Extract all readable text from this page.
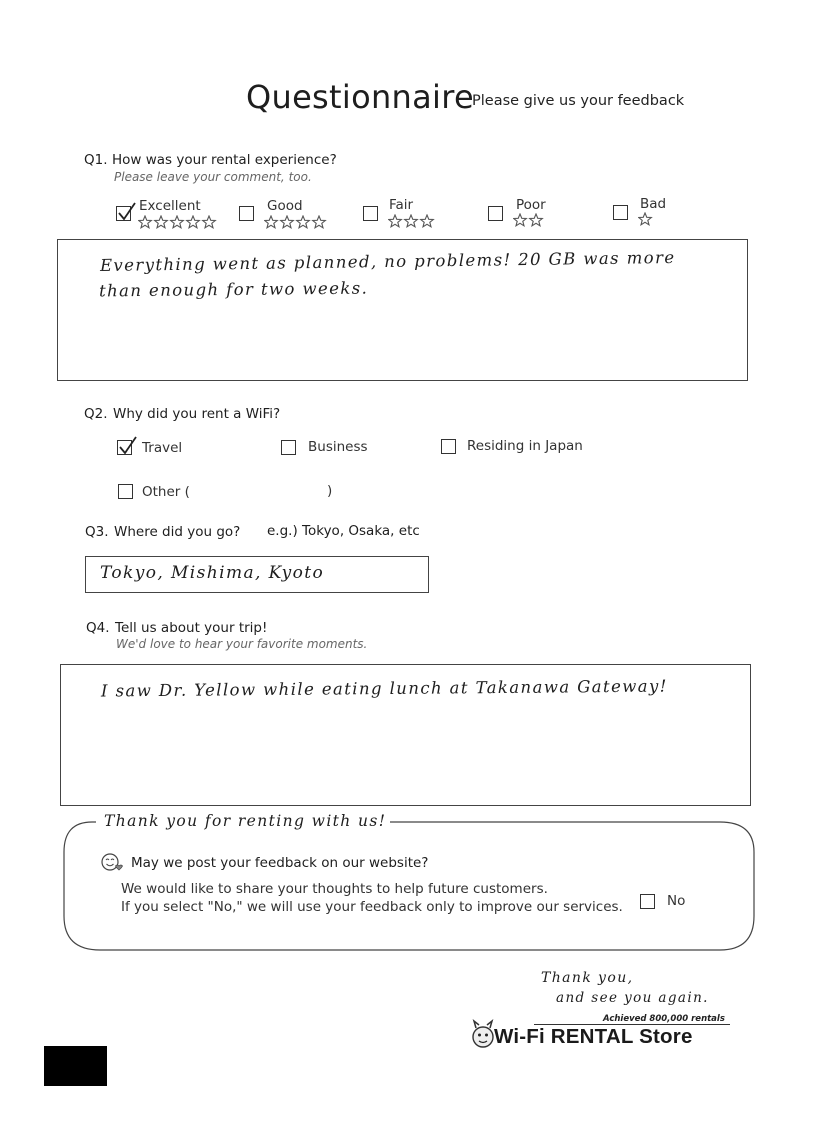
Questionnaire
Please give us your feedback
Q1. How was your rental experience?
Please leave your comment, too.
Excellent	Good	Fair	Poor	Bad
Everything went as planned, no problems! 20 GB was more
than enough for two weeks.
Q2. Why did you rent a WiFi?
Travel	Business	Residing in Japan
Other (	)
Q3. Where did you go? e.g.) Tokyo, Osaka, etc
Tokyo, Mishima, Kyoto
Q4. Tell us about your trip!
We'd love to hear your favorite moments.
I saw Dr. Yellow while eating lunch at Takanawa Gateway!
Thank you for renting with us!
May we post your feedback on our website?
We would like to share your thoughts to help future customers.
If you select "No," we will use your feedback only to improve our services.	No
Thank you,
and see you again.
Achieved 800,000 rentals
Wi-Fi RENTAL Store
